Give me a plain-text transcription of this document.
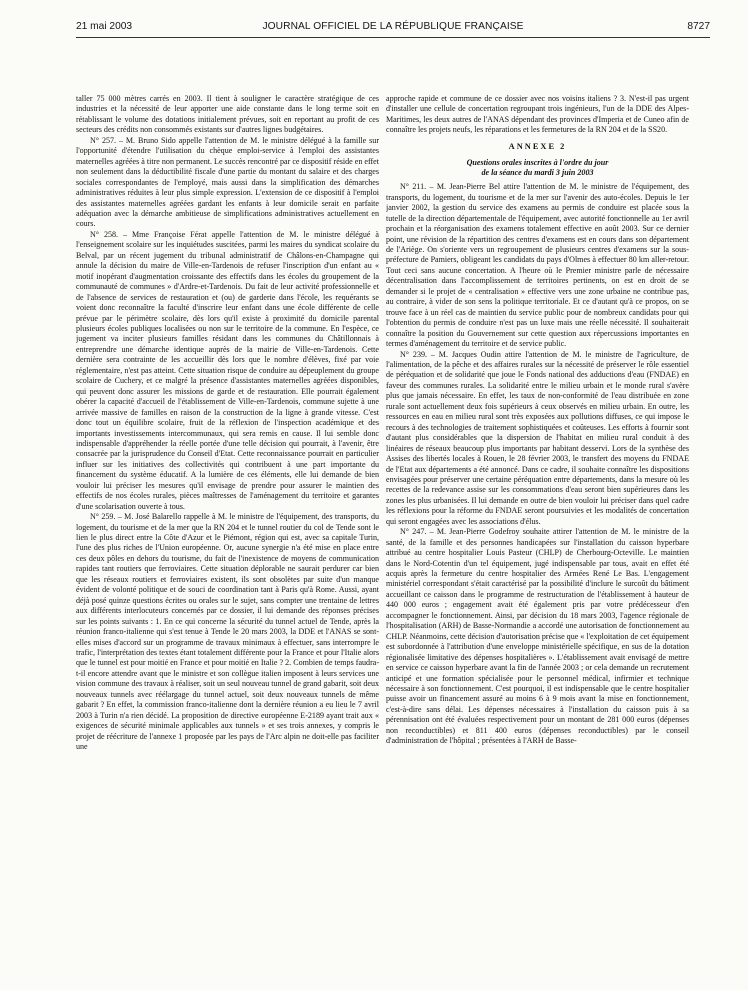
21 mai 2003	JOURNAL OFFICIEL DE LA RÉPUBLIQUE FRANÇAISE	8727

taller 75 000 mètres carrés en 2003. Il tient à souligner le caractère stratégique de ces industries et la nécessité de leur apporter une aide constante dans le long terme soit en rétablissant le volume des dotations initialement prévues, soit en reportant au profit de ces secteurs des crédits non consommés existants sur d'autres lignes budgétaires.

N° 257. – M. Bruno Sido appelle l'attention de M. le ministre délégué à la famille sur l'opportunité d'étendre l'utilisation du chèque emploi-service à l'emploi des assistantes maternelles agréées à titre non permanent. Le succès rencontré par ce dispositif réside en effet non seulement dans la déductibilité fiscale d'une partie du montant du salaire et des charges sociales correspondantes de l'employé, mais aussi dans la simplification des démarches administratives réduites à leur plus simple expression. L'extension de ce dispositif à l'emploi des assistantes maternelles agréées gardant les enfants à leur domicile serait en parfaite adéquation avec la démarche ambitieuse de simplifications administratives actuellement en cours.

N° 258. – Mme Françoise Férat appelle l'attention de M. le ministre délégué à l'enseignement scolaire sur les inquiétudes suscitées, parmi les maires du syndicat scolaire du Belval, par un récent jugement du tribunal administratif de Châlons-en-Champagne qui annule la décision du maire de Ville-en-Tardenois de refuser l'inscription d'un enfant au « motif inopérant d'augmentation croissante des effectifs dans les écoles du groupement de la communauté de communes » d'Ardre-et-Tardenois. Du fait de leur activité professionnelle et de l'absence de services de restauration et (ou) de garderie dans l'école, les requérants se voient donc reconnaître la faculté d'inscrire leur enfant dans une école différente de celle prévue par le périmètre scolaire, dès lors qu'il existe à proximité du domicile parental plusieurs écoles publiques localisées ou non sur le territoire de la commune. En l'espèce, ce jugement va inciter plusieurs familles résidant dans les communes du Châtillonnais à entreprendre une démarche identique auprès de la mairie de Ville-en-Tardenois. Cette dernière sera contrainte de les accueillir dès lors que le nombre d'élèves, fixé par voie réglementaire, n'est pas atteint. Cette situation risque de conduire au dépeuplement du groupe scolaire de Cuchery, et ce malgré la présence d'assistantes maternelles agréées disponibles, qui peuvent donc assurer les missions de garde et de restauration. Elle pourrait également obérer la capacité d'accueil de l'établissement de Ville-en-Tardenois, commune sujette à une arrivée massive de familles en raison de la construction de la ligne à grande vitesse. C'est donc tout un équilibre scolaire, fruit de la réflexion de l'inspection académique et des importants investissements intercommunaux, qui sera remis en cause. Il lui semble donc indispensable d'appréhender la réelle portée d'une telle décision qui pourrait, à l'avenir, être consacrée par la jurisprudence du Conseil d'Etat. Cette reconnaissance pourrait en particulier influer sur les initiatives des collectivités qui contribuent à une part importante du financement du système éducatif. A la lumière de ces éléments, elle lui demande de bien vouloir lui préciser les mesures qu'il envisage de prendre pour assurer le maintien des effectifs de nos écoles rurales, pièces maîtresses de l'aménagement du territoire et garantes d'une scolarisation ouverte à tous.

N° 259. – M. José Balarello rappelle à M. le ministre de l'équipement, des transports, du logement, du tourisme et de la mer que la RN 204 et le tunnel routier du col de Tende sont le lien le plus direct entre la Côte d'Azur et le Piémont, région qui est, avec sa capitale Turin, l'une des plus riches de l'Union européenne. Or, aucune synergie n'a été mise en place entre ces deux pôles en dehors du tourisme, du fait de l'inexistence de moyens de communication rapides tant routiers que ferroviaires. Cette situation déplorable ne saurait perdurer car bien que les réseaux routiers et ferroviaires existent, ils sont obsolètes par suite d'un manque évident de volonté politique et de souci de coordination tant à Paris qu'à Rome. Aussi, ayant déjà posé quinze questions écrites ou orales sur le sujet, sans compter une trentaine de lettres aux différents interlocuteurs concernés par ce dossier, il lui demande des réponses précises sur les points suivants : 1. En ce qui concerne la sécurité du tunnel actuel de Tende, après la réunion franco-italienne qui s'est tenue à Tende le 20 mars 2003, la DDE et l'ANAS se sont-elles mises d'accord sur un programme de travaux minimaux à effectuer, sans interrompre le trafic, l'interprétation des textes étant totalement différente pour la France et pour l'Italie alors que le tunnel est pour moitié en France et pour moitié en Italie ? 2. Combien de temps faudra-t-il encore attendre avant que le ministre et son collègue italien imposent à leurs services une vision commune des travaux à réaliser, soit un seul nouveau tunnel de grand gabarit, soit deux nouveaux tunnels avec réélargage du tunnel actuel, soit deux nouveaux tunnels de même gabarit ? En effet, la commission franco-italienne dont la dernière réunion a eu lieu le 7 avril 2003 à Turin n'a rien décidé. La proposition de directive européenne E-2189 ayant trait aux « exigences de sécurité minimale applicables aux tunnels » et ses trois annexes, y compris le projet de réécriture de l'annexe 1 proposée par les pays de l'Arc alpin ne doit-elle pas faciliter une

approche rapide et commune de ce dossier avec nos voisins italiens ? 3. N'est-il pas urgent d'installer une cellule de concertation regroupant trois ingénieurs, l'un de la DDE des Alpes-Maritimes, les deux autres de l'ANAS dépendant des provinces d'Imperia et de Cuneo afin de connaître les projets neufs, les réparations et les fermetures de la RN 204 et de la SS20.

ANNEXE 2
Questions orales inscrites à l'ordre du jour
de la séance du mardi 3 juin 2003

N° 211. – M. Jean-Pierre Bel attire l'attention de M. le ministre de l'équipement, des transports, du logement, du tourisme et de la mer sur l'avenir des auto-écoles. Depuis le 1er janvier 2002, la gestion du service des examens au permis de conduire est placée sous la tutelle de la direction départementale de l'équipement, avec autorité fonctionnelle au 1er avril prochain et la réorganisation des examens totalement effective en août 2003. Sur ce dernier point, une révision de la répartition des centres d'examens est en cours dans son département de l'Ariège. On s'oriente vers un regroupement de plusieurs centres d'examens sur la sous-préfecture de Pamiers, obligeant les candidats du pays d'Olmes à effectuer 80 km aller-retour. Tout ceci sans aucune concertation. A l'heure où le Premier ministre parle de nécessaire décentralisation dans l'accomplissement de territoires pertinents, on est en droit de se demander si le projet de « centralisation » effective vers une zone urbaine ne contribue pas, au contraire, à vider de son sens la politique territoriale. Et ce d'autant qu'à ce propos, on se trouve face à un réel cas de maintien du service public pour de nombreux candidats pour qui l'obtention du permis de conduire n'est pas un luxe mais une réelle nécessité. Il souhaiterait connaître la position du Gouvernement sur cette question aux répercussions importantes en termes d'aménagement du territoire et de service public.

N° 239. – M. Jacques Oudin attire l'attention de M. le ministre de l'agriculture, de l'alimentation, de la pêche et des affaires rurales sur la nécessité de préserver le rôle essentiel de péréquation et de solidarité que joue le Fonds national des adductions d'eau (FNDAE) en faveur des communes rurales. La solidarité entre le milieu urbain et le monde rural s'avère plus que jamais nécessaire. En effet, les taux de non-conformité de l'eau distribuée en zone rurale sont actuellement deux fois supérieurs à ceux observés en milieu urbain. En outre, les ressources en eau en milieu rural sont très exposées aux pollutions diffuses, ce qui impose le recours à des technologies de traitement sophistiquées et coûteuses. Les efforts à fournir sont d'autant plus considérables que la dispersion de l'habitat en milieu rural conduit à des linéaires de réseaux beaucoup plus importants par habitant desservi. Lors de la synthèse des Assises des libertés locales à Rouen, le 28 février 2003, le transfert des moyens du FNDAE de l'Etat aux départements a été annoncé. Dans ce cadre, il souhaite connaître les dispositions envisagées pour préserver une certaine péréquation entre départements, dans la mesure où les recettes de la redevance assise sur les consommations d'eau seront bien supérieures dans les zones les plus urbanisées. Il lui demande en outre de bien vouloir lui préciser dans quel cadre les réflexions pour la réforme du FNDAE seront poursuivies et les modalités de concertation qui seront engagées avec les associations d'élus.

N° 247. – M. Jean-Pierre Godefroy souhaite attirer l'attention de M. le ministre de la santé, de la famille et des personnes handicapées sur l'installation du caisson hyperbare attribué au centre hospitalier Louis Pasteur (CHLP) de Cherbourg-Octeville. Le maintien dans le Nord-Cotentin d'un tel équipement, jugé indispensable par tous, avait en effet été acquis après la fermeture du centre hospitalier des Armées René Le Bas. L'engagement ministériel correspondant s'était caractérisé par la possibilité d'inclure le surcoût du bâtiment accueillant ce caisson dans le programme de restructuration de l'établissement à hauteur de 440 000 euros ; engagement avait été également pris par votre prédécesseur d'en accompagner le fonctionnement. Ainsi, par décision du 18 mars 2003, l'agence régionale de l'hospitalisation (ARH) de Basse-Normandie a accordé une autorisation de fonctionnement au CHLP. Néanmoins, cette décision d'autorisation précise que « l'exploitation de cet équipement est subordonnée à l'attribution d'une enveloppe ministérielle spécifique, en sus de la dotation régionalisée limitative des dépenses hospitalières ». L'établissement avait envisagé de mettre en service ce caisson hyperbare avant la fin de l'année 2003 ; or cela demande un recrutement anticipé et une formation spécialisée pour le personnel médical, infirmier et technique nécessaire à son fonctionnement. C'est pourquoi, il est indispensable que le centre hospitalier puisse avoir un financement assuré au moins 6 à 9 mois avant la mise en fonctionnement, c'est-à-dire sans délai. Les dépenses nécessaires à l'installation du caisson puis à sa pérennisation ont été évaluées respectivement pour un montant de 281 000 euros (dépenses non reconductibles) et 811 400 euros (dépenses reconductibles) par le conseil d'administration de l'hôpital ; présentées à l'ARH de Basse-
